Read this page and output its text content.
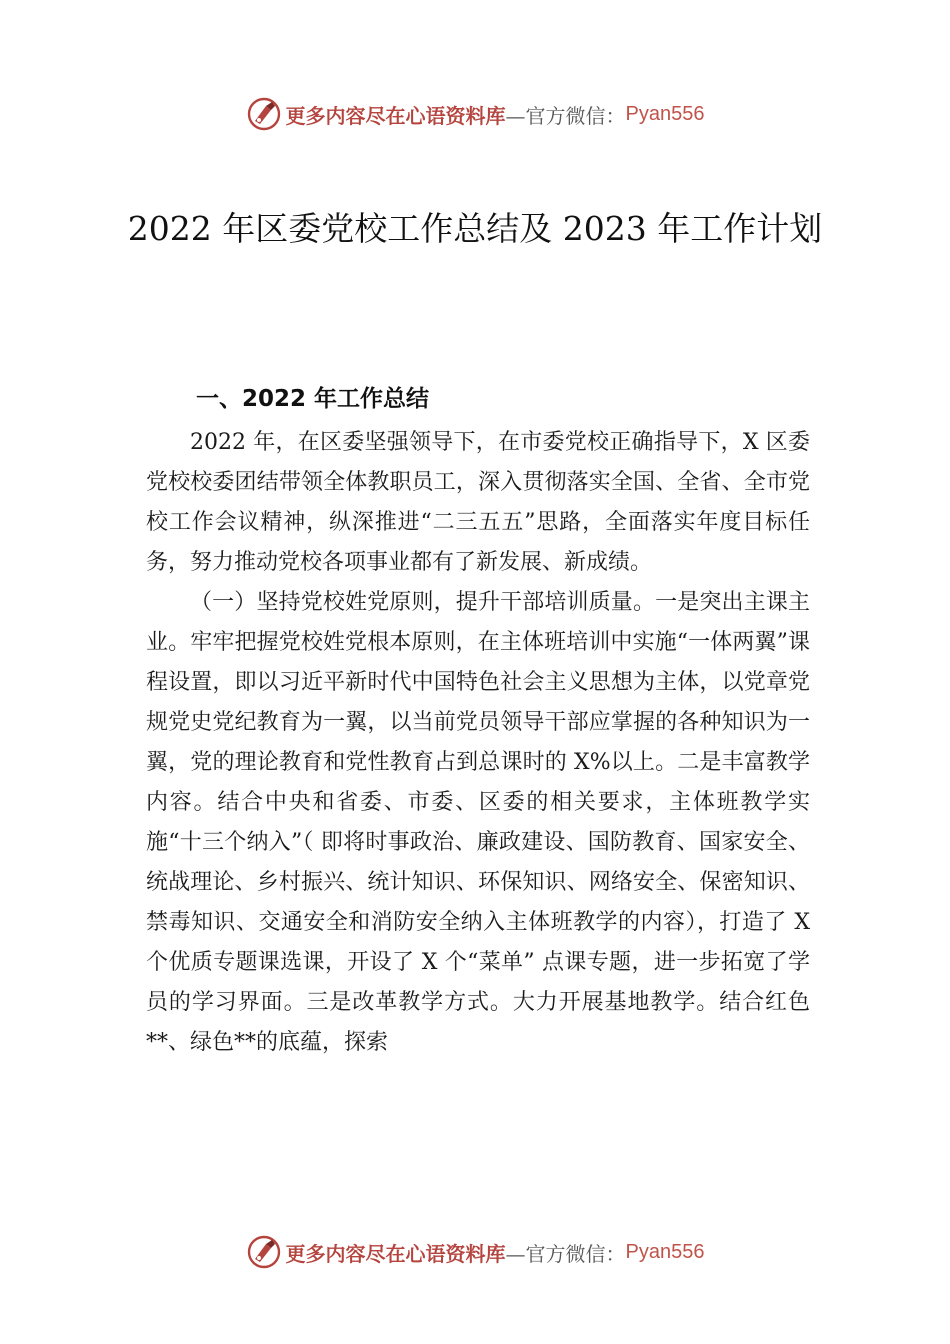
更多内容尽在心语资料库 —官方微信： Pyan556
2022 年区委党校工作总结及 2023 年工作计划
一、2022 年工作总结

2022 年，在区委坚强领导下，在市委党校正确指导下，X 区委党校校委团结带领全体教职员工，深入贯彻落实全国、全省、全市党校工作会议精神，纵深推进“二三五五”思路，全面落实年度目标任务，努力推动党校各项事业都有了新发展、新成绩。

（一）坚持党校姓党原则，提升干部培训质量。一是突出主课主业。牢牢把握党校姓党根本原则，在主体班培训中实施“一体两翼”课程设置，即以习近平新时代中国特色社会主义思想为主体，以党章党规党史党纪教育为一翼，以当前党员领导干部应掌握的各种知识为一翼，党的理论教育和党性教育占到总课时的 X%以上。二是丰富教学内容。结合中央和省委、市委、区委的相关要求，主体班教学实施“十三个纳入”（ 即将时事政治、廉政建设、国防教育、国家安全、统战理论、乡村振兴、统计知识、环保知识、网络安全、保密知识、禁毒知识、交通安全和消防安全纳入主体班教学的内容），打造了 X 个优质专题课选课，开设了 X 个“菜单” 点课专题，进一步拓宽了学员的学习界面。三是改革教学方式。大力开展基地教学。结合红色**、绿色**的底蕴，探索

更多内容尽在心语资料库 —官方微信： Pyan556
